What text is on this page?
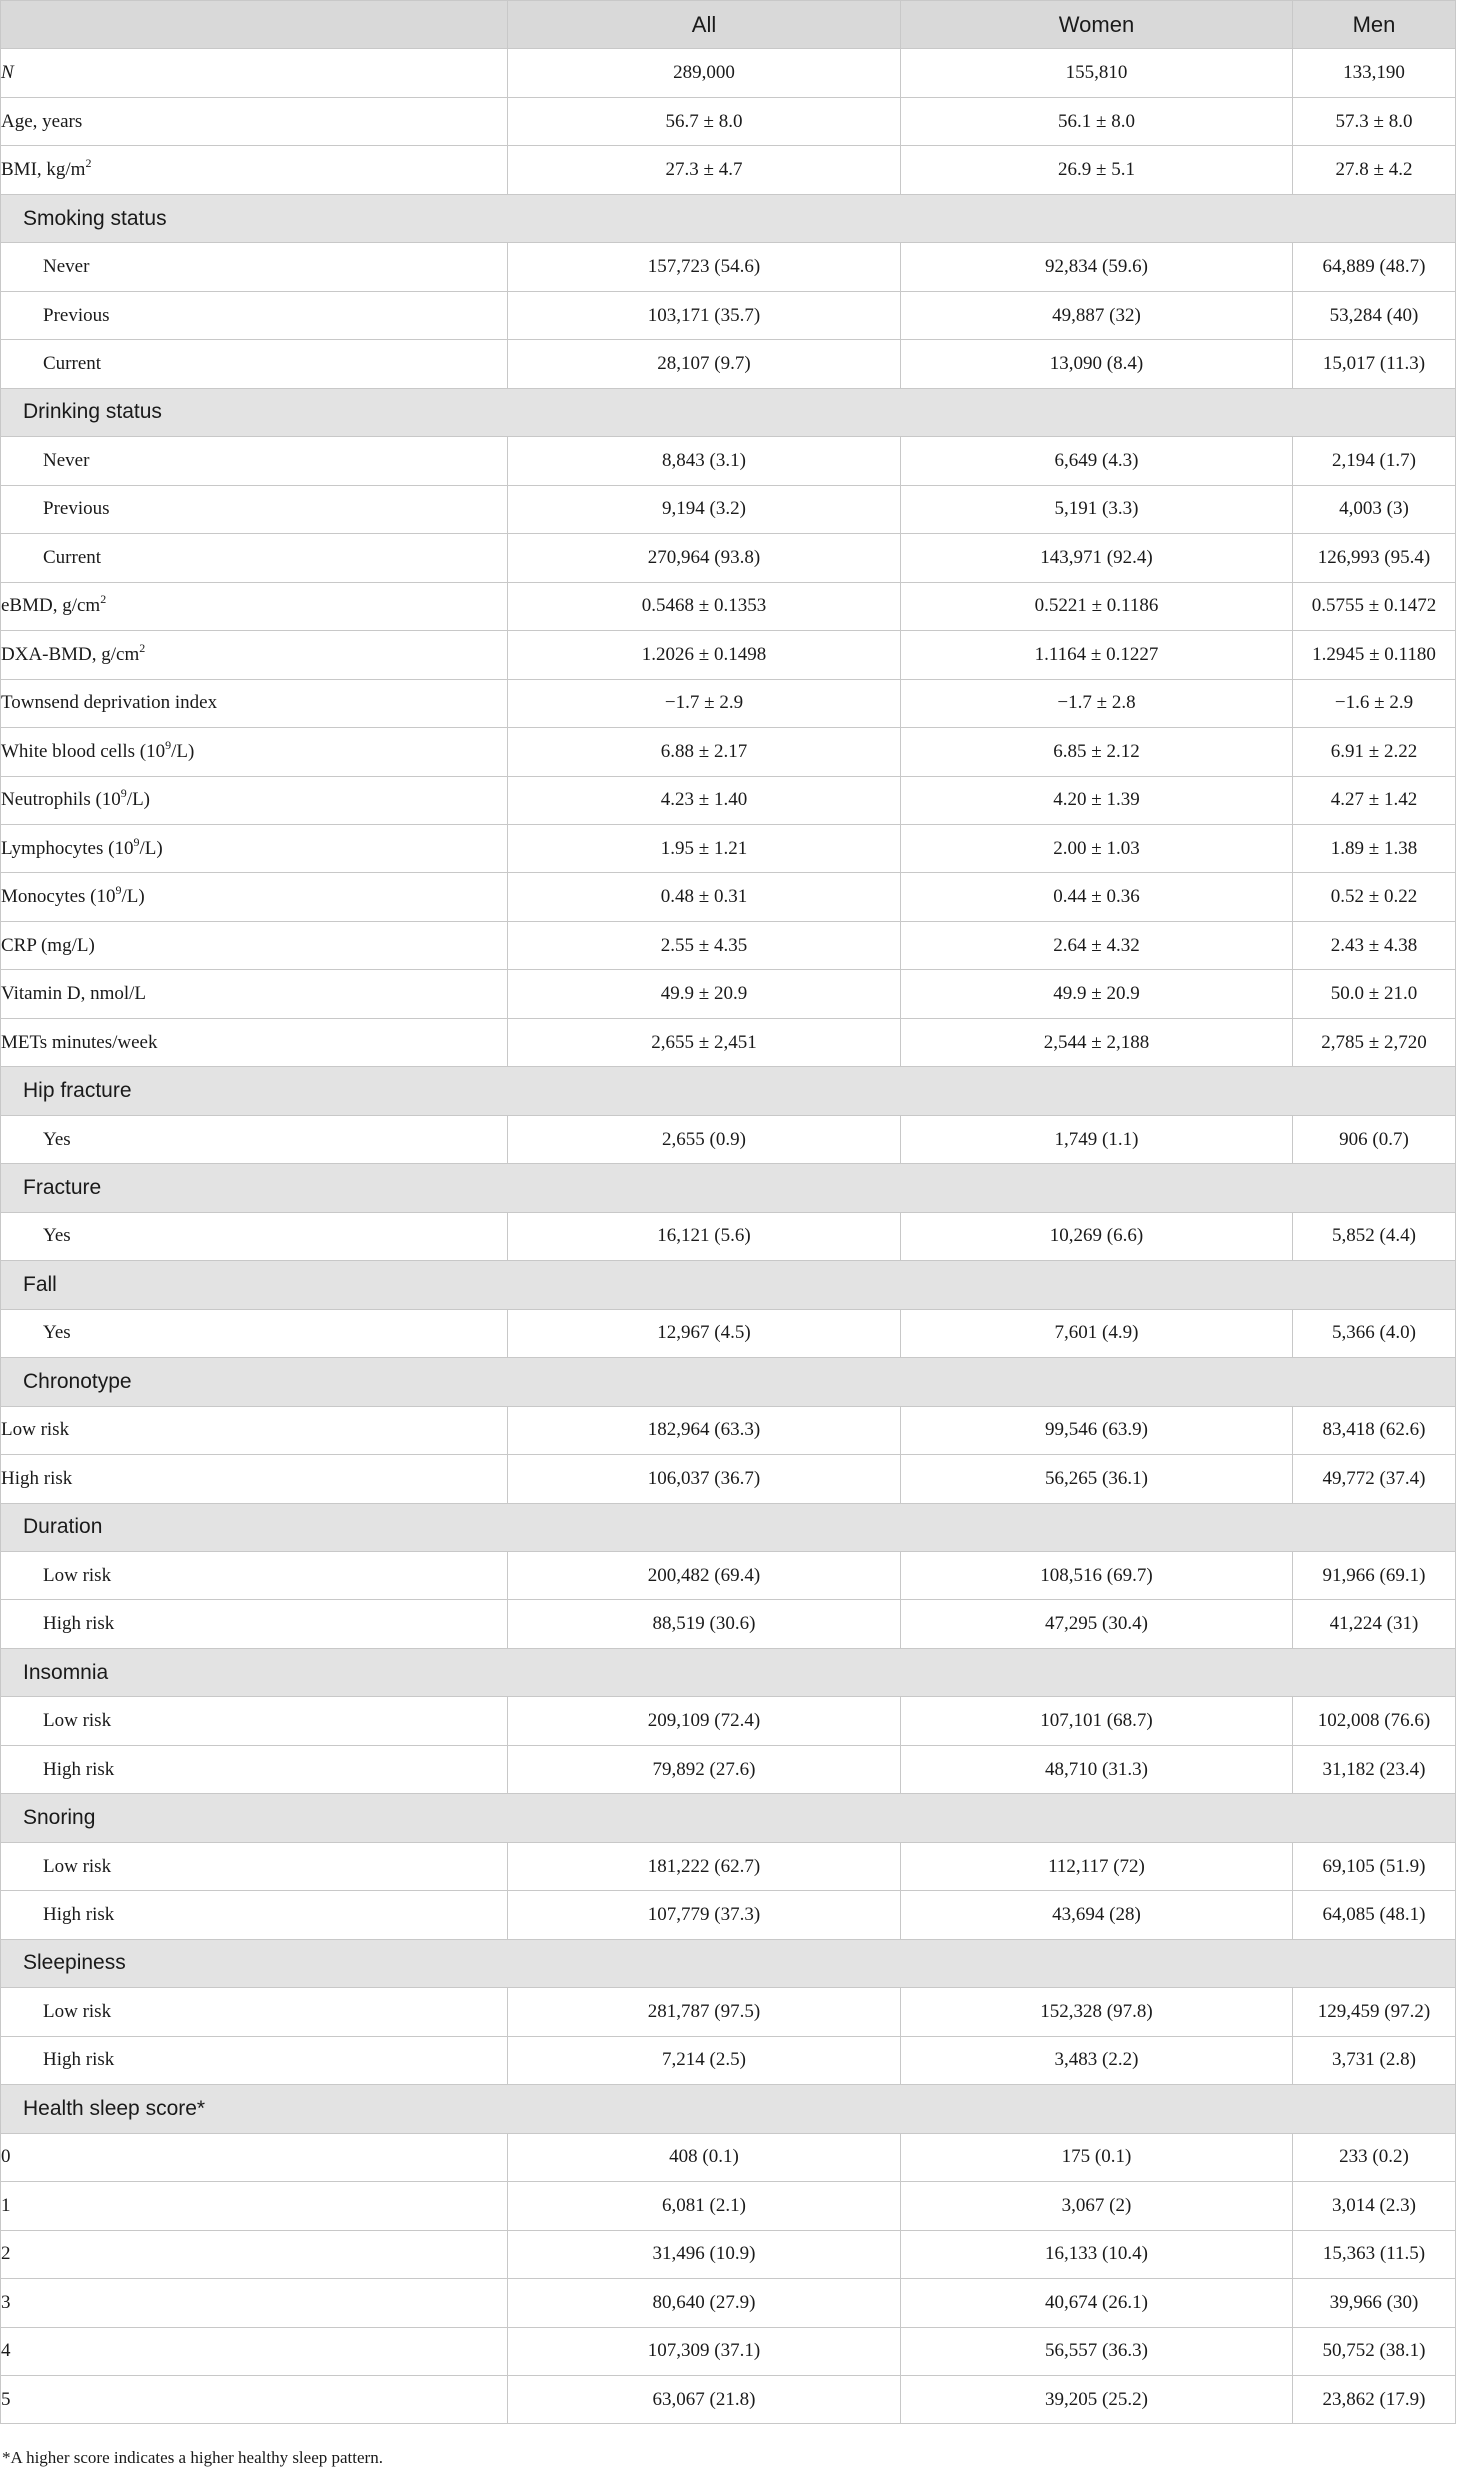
	All	Women	Men
N	289,000	155,810	133,190
Age, years	56.7 ± 8.0	56.1 ± 8.0	57.3 ± 8.0
BMI, $kg/m^2$	27.3 ± 4.7	26.9 ± 5.1	27.8 ± 4.2
Smoking status			
Never	157,723 (54.6)	92,834 (59.6)	64,889 (48.7)
Previous	103,171 (35.7)	49,887 (32)	53,284 (40)
Current	28,107 (9.7)	13,090 (8.4)	15,017 (11.3)
Drinking status			
Never	8,843 (3.1)	6,649 (4.3)	2,194 (1.7)
Previous	9,194 (3.2)	5,191 (3.3)	4,003 (3)
Current	270,964 (93.8)	143,971 (92.4)	126,993 (95.4)
eBMD, $g/cm^2$	0.5468 ± 0.1353	0.5221 ± 0.1186	0.5755 ± 0.1472
DXA-BMD, $g/cm^2$	1.2026 ± 0.1498	1.1164 ± 0.1227	1.2945 ± 0.1180
Townsend deprivation index	−1.7 ± 2.9	−1.7 ± 2.8	−1.6 ± 2.9
White blood cells $(10^9/L)$	6.88 ± 2.17	6.85 ± 2.12	6.91 ± 2.22
Neutrophils $(10^9/L)$	4.23 ± 1.40	4.20 ± 1.39	4.27 ± 1.42
Lymphocytes $(10^9/L)$	1.95 ± 1.21	2.00 ± 1.03	1.89 ± 1.38
Monocytes $(10^9/L)$	0.48 ± 0.31	0.44 ± 0.36	0.52 ± 0.22
CRP (mg/L)	2.55 ± 4.35	2.64 ± 4.32	2.43 ± 4.38
Vitamin D, nmol/L	49.9 ± 20.9	49.9 ± 20.9	50.0 ± 21.0
METs minutes/week	2,655 ± 2,451	2,544 ± 2,188	2,785 ± 2,720
Hip fracture			
Yes	2,655 (0.9)	1,749 (1.1)	906 (0.7)
Fracture			
Yes	16,121 (5.6)	10,269 (6.6)	5,852 (4.4)
Fall			
Yes	12,967 (4.5)	7,601 (4.9)	5,366 (4.0)
Chronotype			
Low risk	182,964 (63.3)	99,546 (63.9)	83,418 (62.6)
High risk	106,037 (36.7)	56,265 (36.1)	49,772 (37.4)
Duration			
Low risk	200,482 (69.4)	108,516 (69.7)	91,966 (69.1)
High risk	88,519 (30.6)	47,295 (30.4)	41,224 (31)
Insomnia			
Low risk	209,109 (72.4)	107,101 (68.7)	102,008 (76.6)
High risk	79,892 (27.6)	48,710 (31.3)	31,182 (23.4)
Snoring			
Low risk	181,222 (62.7)	112,117 (72)	69,105 (51.9)
High risk	107,779 (37.3)	43,694 (28)	64,085 (48.1)
Sleepiness			
Low risk	281,787 (97.5)	152,328 (97.8)	129,459 (97.2)
High risk	7,214 (2.5)	3,483 (2.2)	3,731 (2.8)
Health sleep score*			
0	408 (0.1)	175 (0.1)	233 (0.2)
1	6,081 (2.1)	3,067 (2)	3,014 (2.3)
2	31,496 (10.9)	16,133 (10.4)	15,363 (11.5)
3	80,640 (27.9)	40,674 (26.1)	39,966 (30)
4	107,309 (37.1)	56,557 (36.3)	50,752 (38.1)
5	63,067 (21.8)	39,205 (25.2)	23,862 (17.9)
*A higher score indicates a higher healthy sleep pattern.
